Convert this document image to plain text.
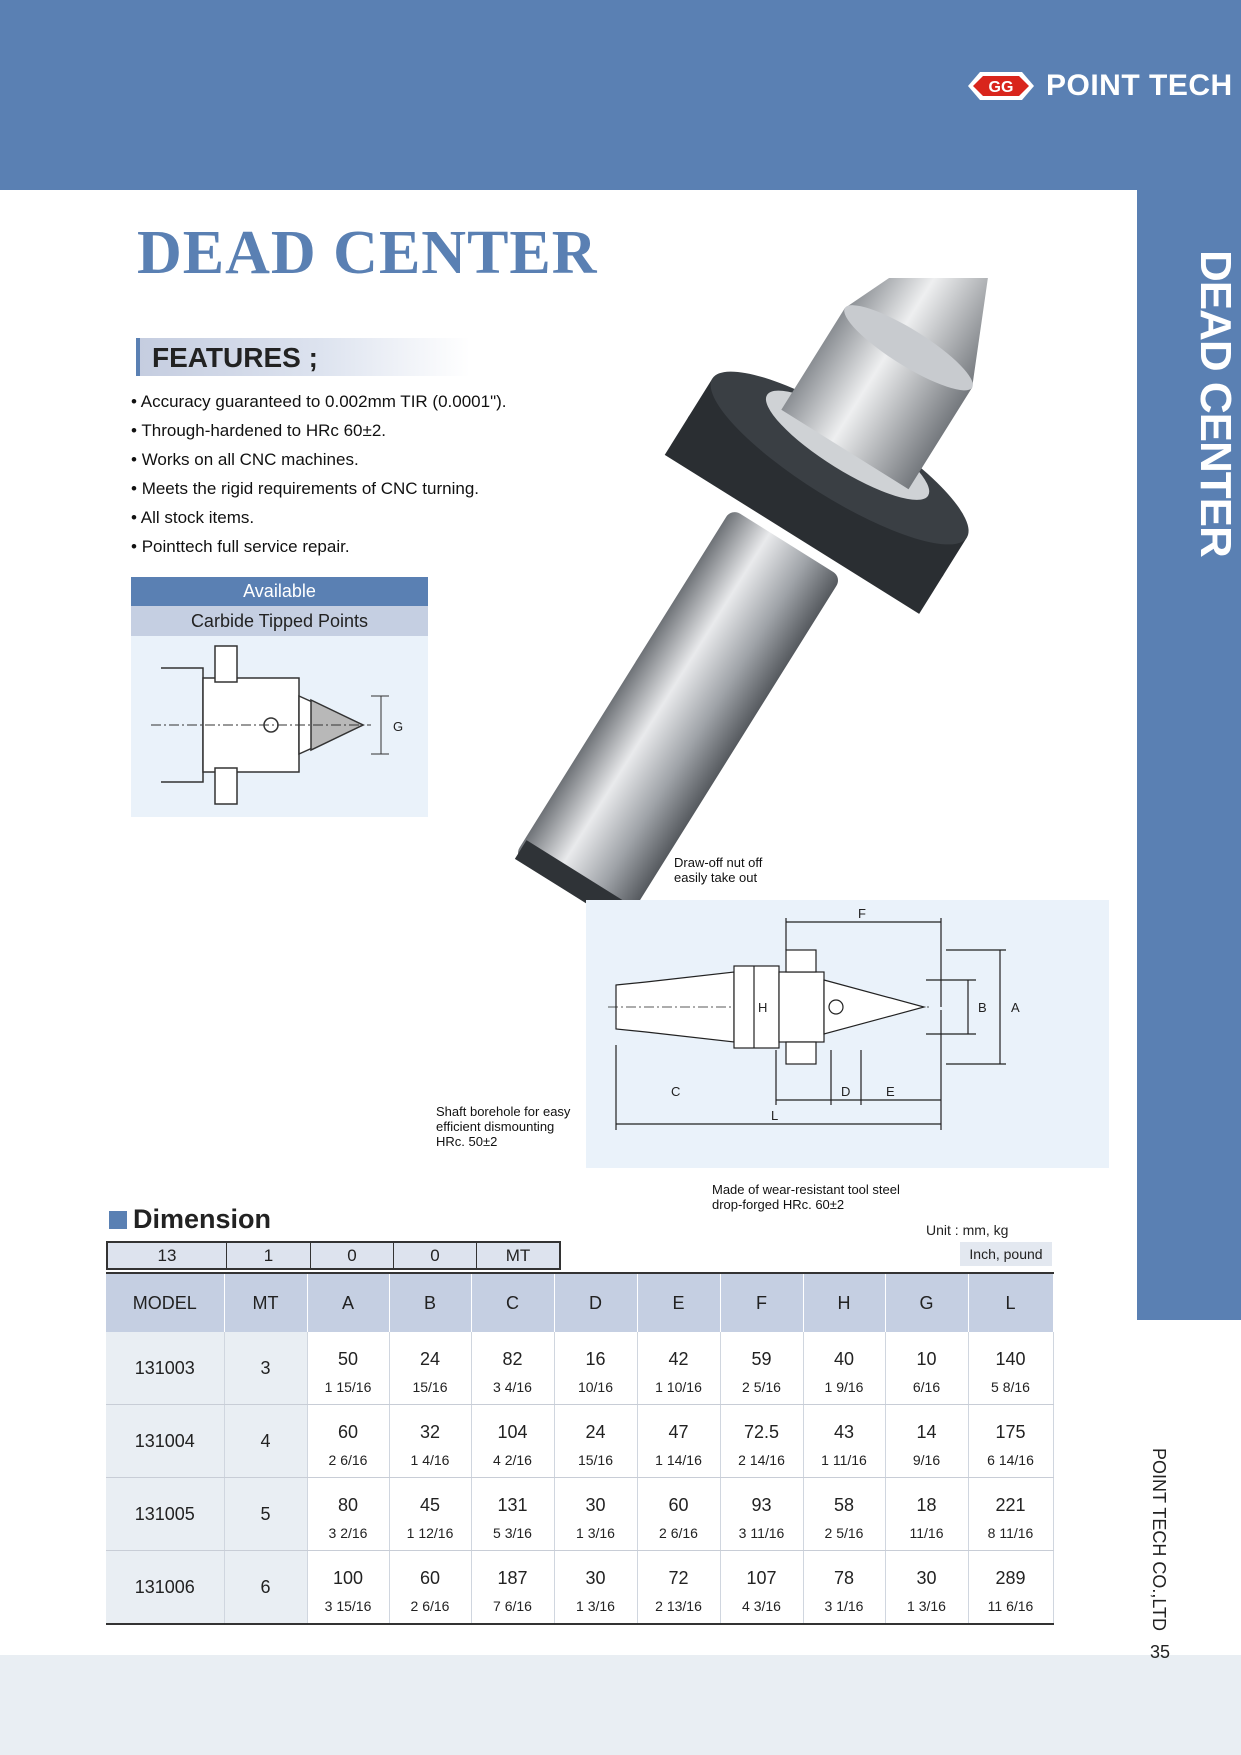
GG POINT TECH
DEAD CENTER
POINT TECH CO.,LTD
35
DEAD CENTER
FEATURES ;
• Accuracy guaranteed to 0.002mm TIR (0.0001").
• Through-hardened to HRc 60±2.
• Works on all CNC machines.
• Meets the rigid requirements of CNC turning.
• All stock items.
• Pointtech full service repair.
Available
Carbide Tipped Points
G
F
A
B
H
C	D	E
L
Draw-off nut off
easily take out
Shaft borehole for easy
efficient dismounting
HRc. 50±2
Made of wear-resistant tool steel
drop-forged HRc. 60±2
Dimension	Unit : mm, kg
Inch, pound
13	1	0	0	MT
MODEL	MT	A	B	C	D	E	F	H	G	L
131003	3	50	24	82	16	42	59	40	10	140
		1 15/16	15/16	3 4/16	10/16	1 10/16	2 5/16	1 9/16	6/16	5 8/16
131004	4	60	32	104	24	47	72.5	43	14	175
		2 6/16	1 4/16	4 2/16	15/16	1 14/16	2 14/16	1 11/16	9/16	6 14/16
131005	5	80	45	131	30	60	93	58	18	221
		3 2/16	1 12/16	5 3/16	1 3/16	2 6/16	3 11/16	2 5/16	11/16	8 11/16
131006	6	100	60	187	30	72	107	78	30	289
		3 15/16	2 6/16	7 6/16	1 3/16	2 13/16	4 3/16	3 1/16	1 3/16	11 6/16
